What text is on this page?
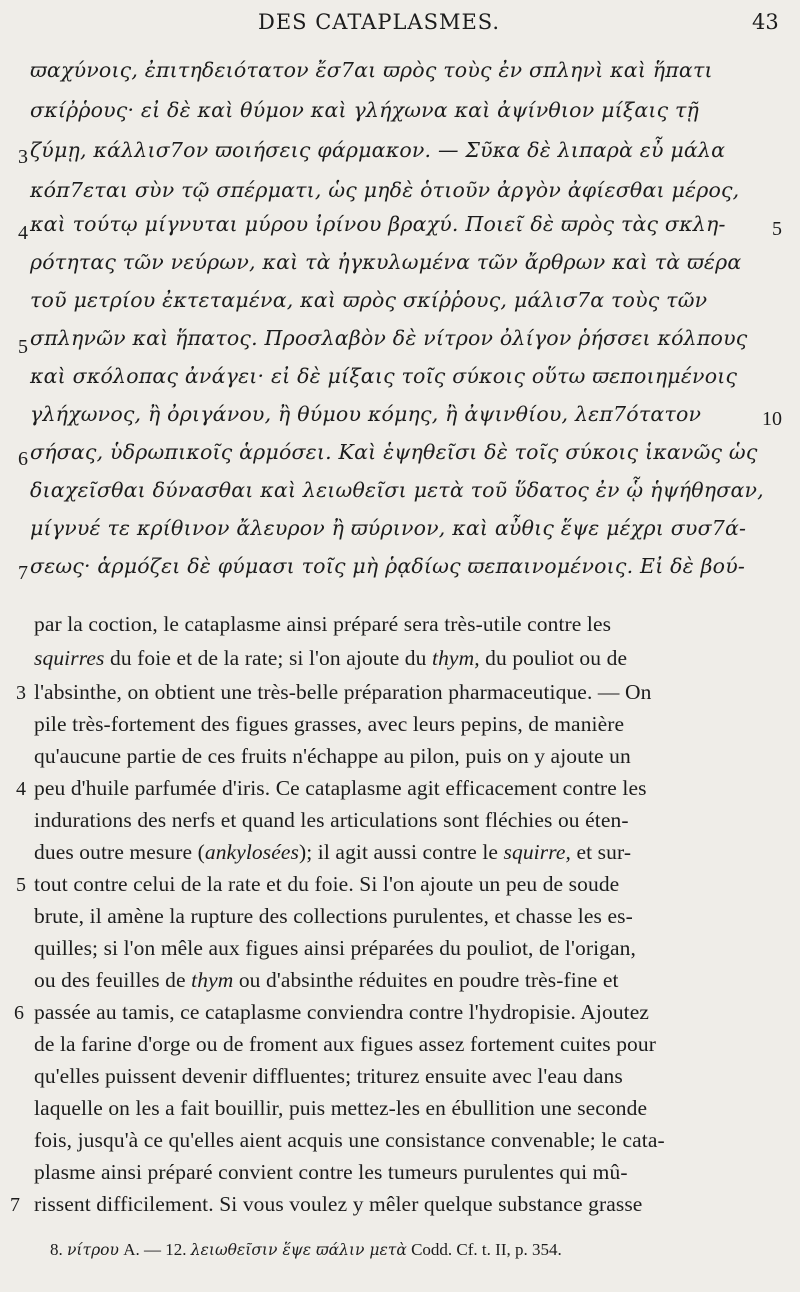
DES CATAPLASMES.	43
ϖαχύνοις, ἐπιτηδειότατον ἔσ7αι ϖρὸς τοὺς ἐν σπληνὶ καὶ ἥπατι
σκίῤῥους· εἰ δὲ καὶ θύμον καὶ γλήχωνα καὶ ἀψίνθιον μίξαις τῇ
ζύμῃ, κάλλισ7ον ϖοιήσεις φάρμακον. — Σῦκα δὲ λιπαρὰ εὖ μάλα
κόπ7εται σὺν τῷ σπέρματι, ὡς μηδὲ ὁτιοῦν ἀργὸν ἀφίεσθαι μέρος,
καὶ τούτῳ μίγνυται μύρου ἰρίνου βραχύ. Ποιεῖ δὲ ϖρὸς τὰς σκλη-
ρότητας τῶν νεύρων, καὶ τὰ ἠγκυλωμένα τῶν ἄρθρων καὶ τὰ ϖέρα
τοῦ μετρίου ἐκτεταμένα, καὶ ϖρὸς σκίῤῥους, μάλισ7α τοὺς τῶν
σπληνῶν καὶ ἥπατος. Προσλαβὸν δὲ νίτρον ὀλίγον ῥήσσει κόλπους
καὶ σκόλοπας ἀνάγει· εἰ δὲ μίξαις τοῖς σύκοις οὕτω ϖεποιημένοις
γλήχωνος, ἢ ὀριγάνου, ἢ θύμου κόμης, ἢ ἀψινθίου, λεπ7ότατον
σήσας, ὑδρωπικοῖς ἁρμόσει. Καὶ ἑψηθεῖσι δὲ τοῖς σύκοις ἱκανῶς ὡς
διαχεῖσθαι δύνασθαι καὶ λειωθεῖσι μετὰ τοῦ ὕδατος ἐν ᾧ ἡψήθησαν,
μίγνυέ τε κρίθινον ἄλευρον ἢ ϖύρινον, καὶ αὖθις ἕψε μέχρι συσ7ά-
σεως· ἁρμόζει δὲ φύμασι τοῖς μὴ ῥᾳδίως ϖεπαινομένοις. Εἰ δὲ βού-
3
4
5
6
7
5
10
par la coction, le cataplasme ainsi préparé sera très-utile contre les
squirres du foie et de la rate; si l'on ajoute du thym, du pouliot ou de
l'absinthe, on obtient une très-belle préparation pharmaceutique. — On
pile très-fortement des figues grasses, avec leurs pepins, de manière
qu'aucune partie de ces fruits n'échappe au pilon, puis on y ajoute un
peu d'huile parfumée d'iris. Ce cataplasme agit efficacement contre les
indurations des nerfs et quand les articulations sont fléchies ou éten-
dues outre mesure (ankylosées); il agit aussi contre le squirre, et sur-
tout contre celui de la rate et du foie. Si l'on ajoute un peu de soude
brute, il amène la rupture des collections purulentes, et chasse les es-
quilles; si l'on mêle aux figues ainsi préparées du pouliot, de l'origan,
ou des feuilles de thym ou d'absinthe réduites en poudre très-fine et
passée au tamis, ce cataplasme conviendra contre l'hydropisie. Ajoutez
de la farine d'orge ou de froment aux figues assez fortement cuites pour
qu'elles puissent devenir diffluentes; triturez ensuite avec l'eau dans
laquelle on les a fait bouillir, puis mettez-les en ébullition une seconde
fois, jusqu'à ce qu'elles aient acquis une consistance convenable; le cata-
plasme ainsi préparé convient contre les tumeurs purulentes qui mû-
rissent difficilement. Si vous voulez y mêler quelque substance grasse
3
4
5
6
7
8. νίτρου A. — 12. λειωθεῖσιν ἕψε ϖάλιν μετὰ Codd. Cf. t. II, p. 354.
